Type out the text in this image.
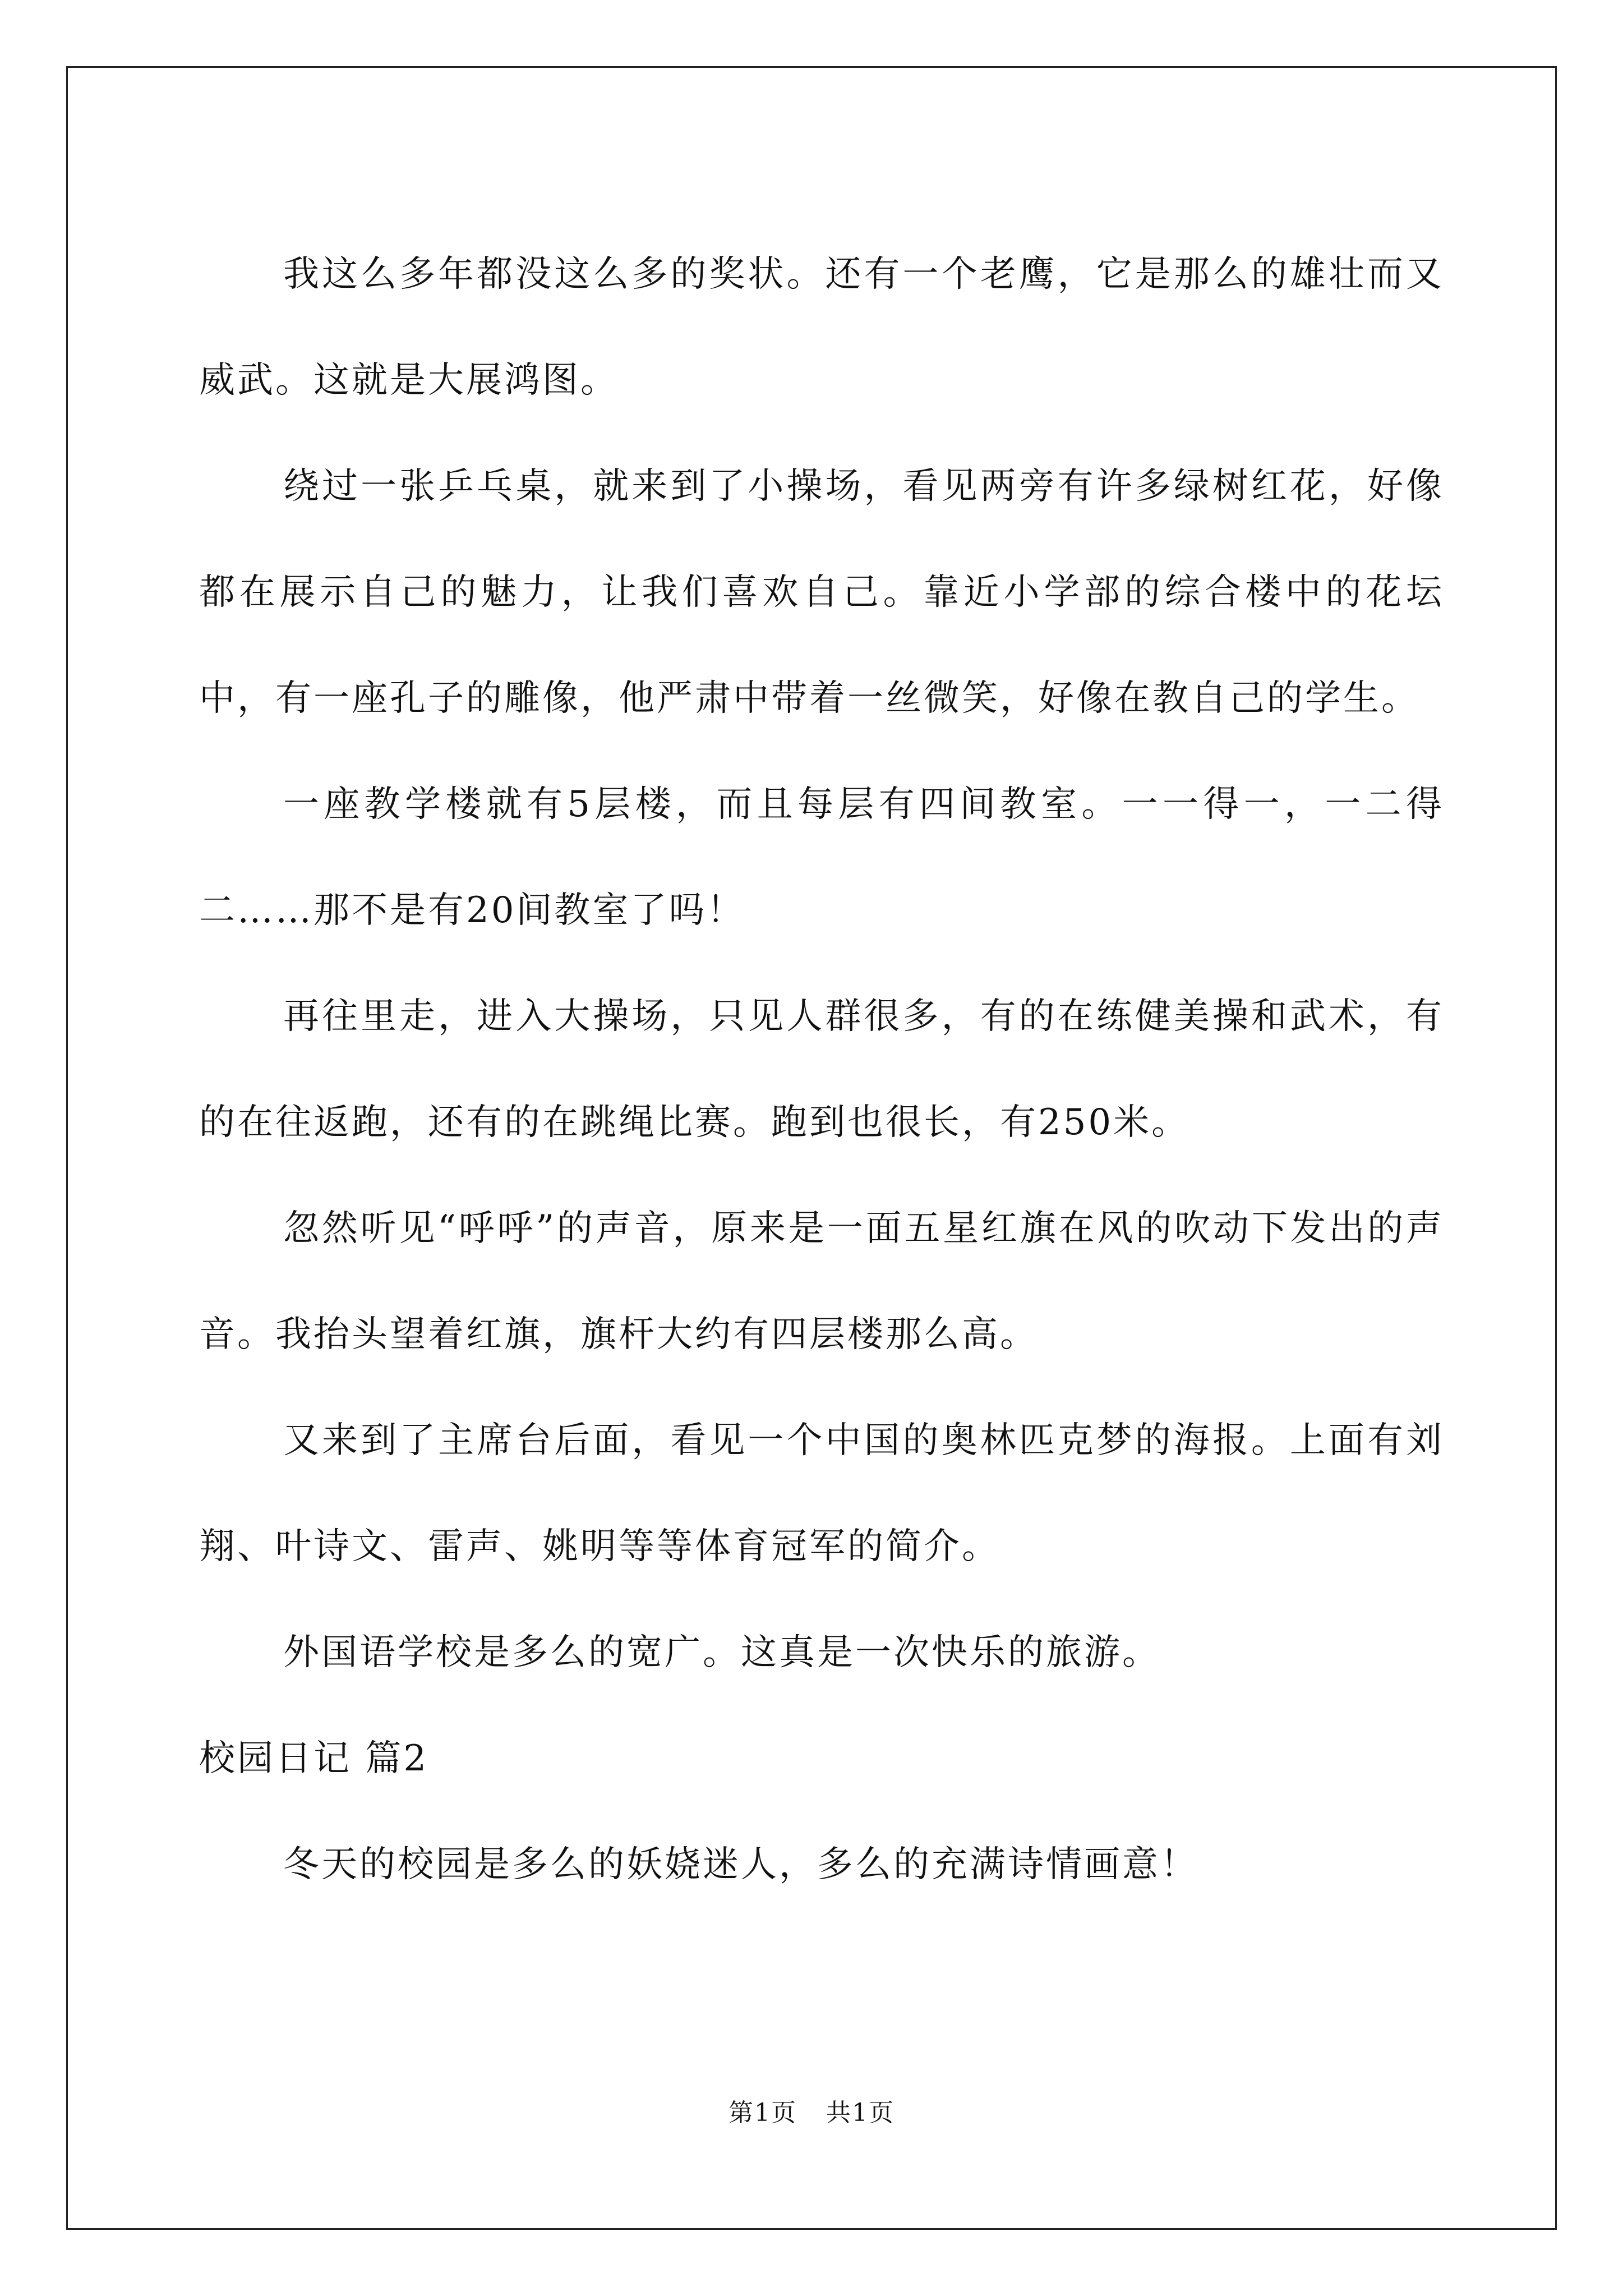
我这么多年都没这么多的奖状。还有一个老鹰，它是那么的雄壮而又威武。这就是大展鸿图。

绕过一张乒乓桌，就来到了小操场，看见两旁有许多绿树红花，好像都在展示自己的魅力，让我们喜欢自己。靠近小学部的综合楼中的花坛中，有一座孔子的雕像，他严肃中带着一丝微笑，好像在教自己的学生。

一座教学楼就有5层楼，而且每层有四间教室。一一得一，一二得二……那不是有20间教室了吗！

再往里走，进入大操场，只见人群很多，有的在练健美操和武术，有的在往返跑，还有的在跳绳比赛。跑到也很长，有250米。

忽然听见“呼呼”的声音，原来是一面五星红旗在风的吹动下发出的声音。我抬头望着红旗，旗杆大约有四层楼那么高。

又来到了主席台后面，看见一个中国的奥林匹克梦的海报。上面有刘翔、叶诗文、雷声、姚明等等体育冠军的简介。

外国语学校是多么的宽广。这真是一次快乐的旅游。

校园日记 篇2

冬天的校园是多么的妖娆迷人，多么的充满诗情画意！

第1页 共1页
